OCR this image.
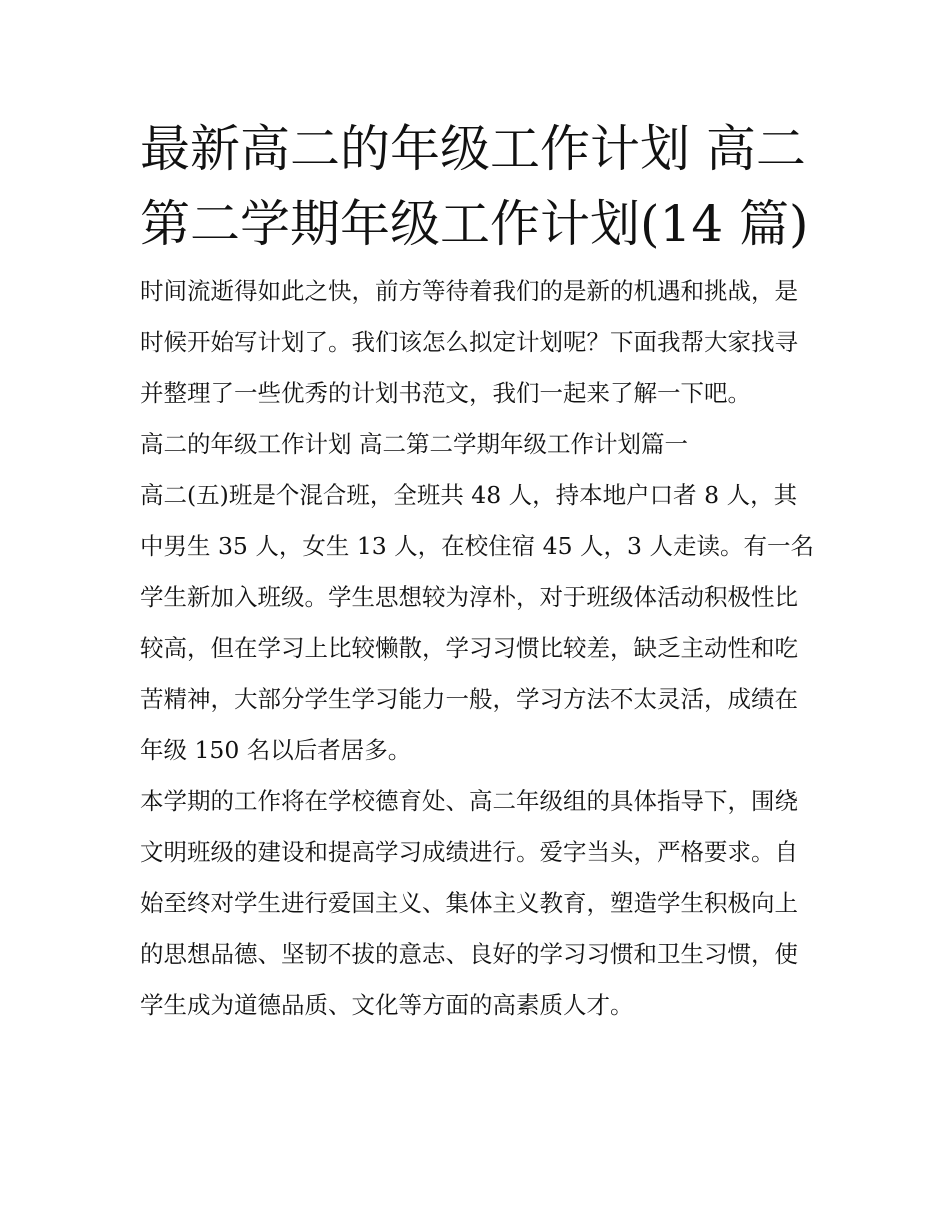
最新高二的年级工作计划 高二第二学期年级工作计划(14 篇)

时间流逝得如此之快，前方等待着我们的是新的机遇和挑战，是时候开始写计划了。我们该怎么拟定计划呢？下面我帮大家找寻并整理了一些优秀的计划书范文，我们一起来了解一下吧。

高二的年级工作计划 高二第二学期年级工作计划篇一

高二(五)班是个混合班，全班共 48 人，持本地户口者 8 人，其中男生 35 人，女生 13 人，在校住宿 45 人，3 人走读。有一名学生新加入班级。学生思想较为淳朴，对于班级体活动积极性比较高，但在学习上比较懒散，学习习惯比较差，缺乏主动性和吃苦精神，大部分学生学习能力一般，学习方法不太灵活，成绩在年级 150 名以后者居多。

本学期的工作将在学校德育处、高二年级组的具体指导下，围绕文明班级的建设和提高学习成绩进行。爱字当头，严格要求。自始至终对学生进行爱国主义、集体主义教育，塑造学生积极向上的思想品德、坚韧不拔的意志、良好的学习习惯和卫生习惯，使学生成为道德品质、文化等方面的高素质人才。
